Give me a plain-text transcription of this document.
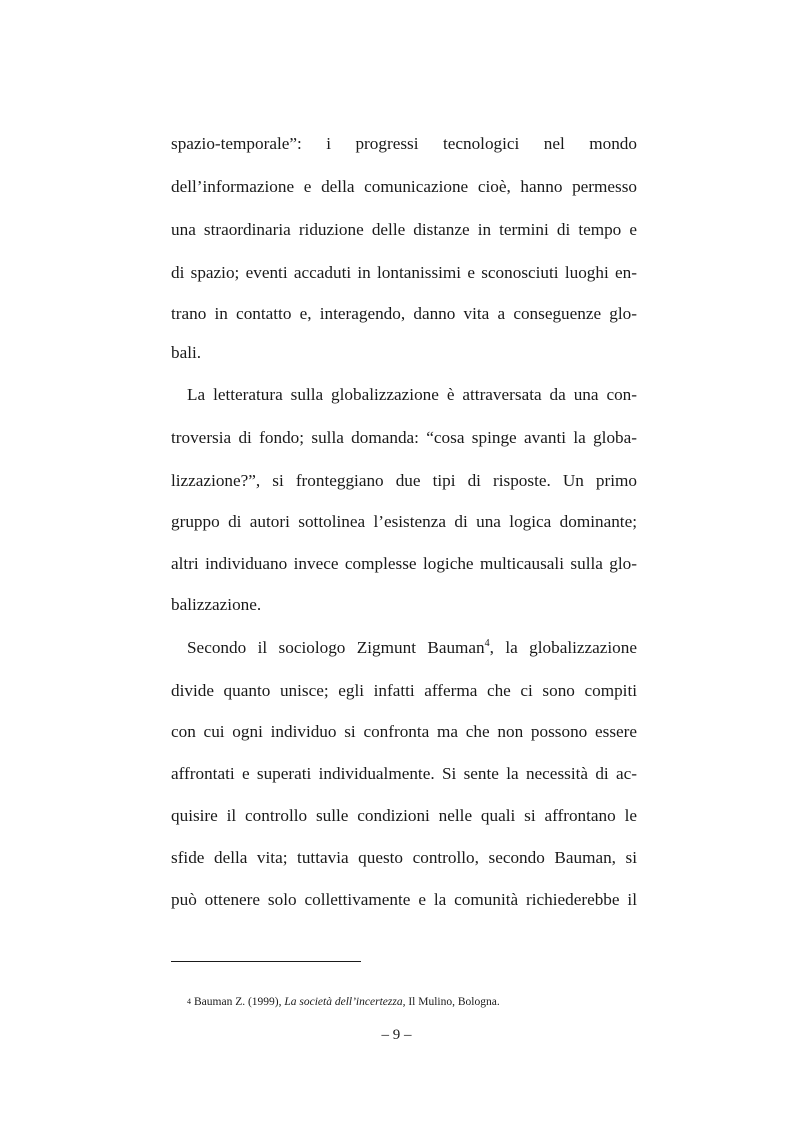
spazio-temporale”: i progressi tecnologici nel mondo
dell’informazione e della comunicazione cioè, hanno permesso
una straordinaria riduzione delle distanze in termini di tempo e
di spazio; eventi accaduti in lontanissimi e sconosciuti luoghi en-
trano in contatto e, interagendo, danno vita a conseguenze glo-
bali.
La letteratura sulla globalizzazione è attraversata da una con-
troversia di fondo; sulla domanda: “cosa spinge avanti la globa-
lizzazione?”, si fronteggiano due tipi di risposte. Un primo
gruppo di autori sottolinea l’esistenza di una logica dominante;
altri individuano invece complesse logiche multicausali sulla glo-
balizzazione.
Secondo il sociologo Zigmunt Bauman$^4$, la globalizzazione
divide quanto unisce; egli infatti afferma che ci sono compiti
con cui ogni individuo si confronta ma che non possono essere
affrontati e superati individualmente. Si sente la necessità di ac-
quisire il controllo sulle condizioni nelle quali si affrontano le
sfide della vita; tuttavia questo controllo, secondo Bauman, si
può ottenere solo collettivamente e la comunità richiederebbe il
4 Bauman Z. (1999), La società dell’incertezza, Il Mulino, Bologna.
– 9 –
